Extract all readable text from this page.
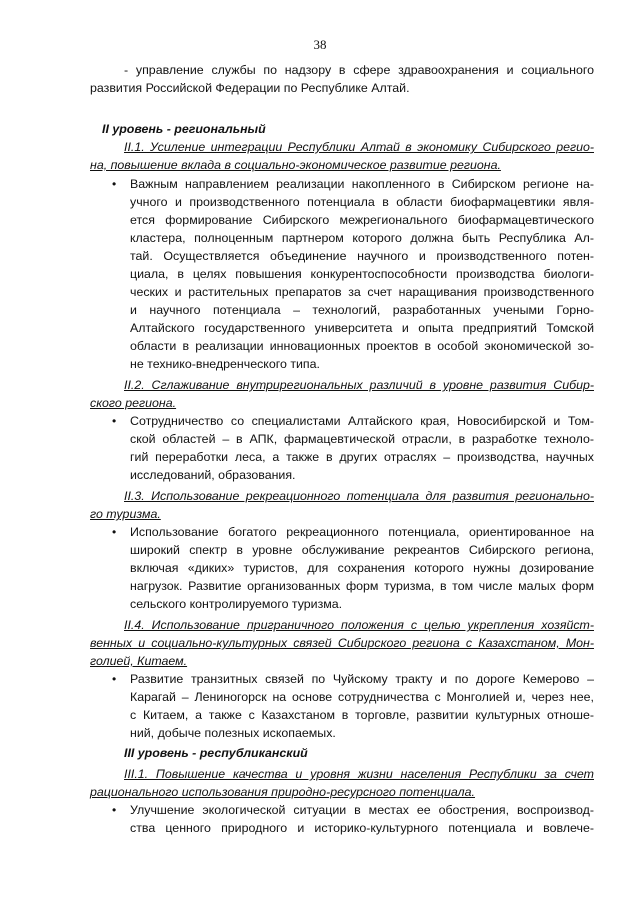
38
- управление службы по надзору в сфере здравоохранения и социального
развития Российской Федерации по Республике Алтай.
II уровень - региональный
II.1. Усиление интеграции Республики Алтай в экономику Сибирского регио-
на, повышение вклада в социально-экономическое развитие региона.
• Важным направлением реализации накопленного в Сибирском регионе на-
учного и производственного потенциала в области биофармацевтики явля-
ется формирование Сибирского межрегионального биофармацевтического
кластера, полноценным партнером которого должна быть Республика Ал-
тай. Осуществляется объединение научного и производственного потен-
циала, в целях повышения конкурентоспособности производства биологи-
ческих и растительных препаратов за счет наращивания производственного
и научного потенциала – технологий, разработанных учеными Горно-
Алтайского государственного университета и опыта предприятий Томской
области в реализации инновационных проектов в особой экономической зо-
не технико-внедренческого типа.
II.2. Сглаживание внутрирегиональных различий в уровне развития Сибир-
ского региона.
• Сотрудничество со специалистами Алтайского края, Новосибирской и Том-
ской областей – в АПК, фармацевтической отрасли, в разработке техноло-
гий переработки леса, а также в других отраслях – производства, научных
исследований, образования.
II.3. Использование рекреационного потенциала для развития регионально-
го туризма.
• Использование богатого рекреационного потенциала, ориентированное на
широкий спектр в уровне обслуживание рекреантов Сибирского региона,
включая «диких» туристов, для сохранения которого нужны дозирование
нагрузок. Развитие организованных форм туризма, в том числе малых форм
сельского контролируемого туризма.
II.4. Использование приграничного положения с целью укрепления хозяйст-
венных и социально-культурных связей Сибирского региона с Казахстаном, Мон-
голией, Китаем.
• Развитие транзитных связей по Чуйскому тракту и по дороге Кемерово –
Карагай – Лениногорск на основе сотрудничества с Монголией и, через нее,
с Китаем, а также с Казахстаном в торговле, развитии культурных отноше-
ний, добыче полезных ископаемых.
III уровень - республиканский
III.1. Повышение качества и уровня жизни населения Республики за счет
рационального использования природно-ресурсного потенциала.
• Улучшение экологической ситуации в местах ее обострения, воспроизвод-
ства ценного природного и историко-культурного потенциала и вовлече-
